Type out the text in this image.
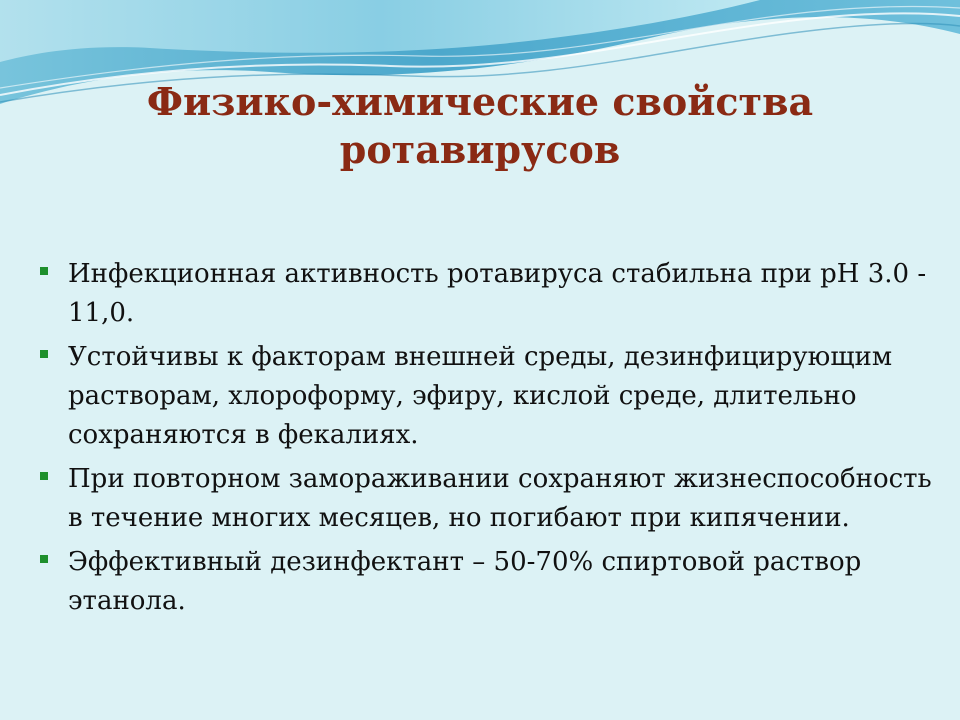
Физико-химические свойства ротавирусов
Инфекционная активность ротавируса стабильна при рН 3.0 - 11,0.
Устойчивы к факторам внешней среды, дезинфицирующим растворам, хлороформу, эфиру, кислой среде, длительно сохраняются в фекалиях.
При повторном замораживании сохраняют жизнеспособность в течение многих месяцев, но погибают при кипячении.
Эффективный дезинфектант – 50-70% спиртовой раствор этанола.
